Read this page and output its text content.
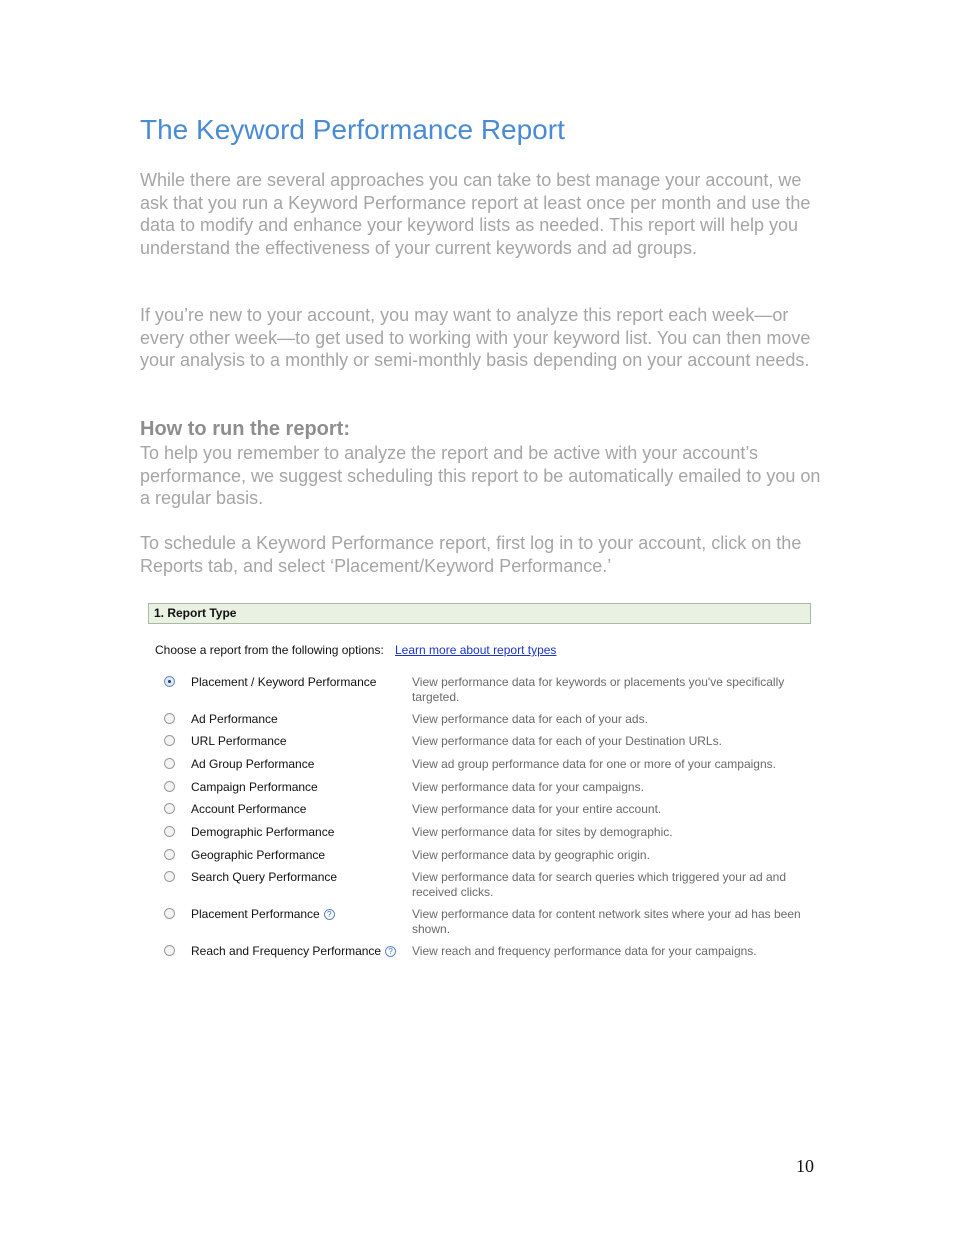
The Keyword Performance Report

While there are several approaches you can take to best manage your account, we ask that you run a Keyword Performance report at least once per month and use the data to modify and enhance your keyword lists as needed. This report will help you understand the effectiveness of your current keywords and ad groups.

If you’re new to your account, you may want to analyze this report each week—or every other week—to get used to working with your keyword list. You can then move your analysis to a monthly or semi-monthly basis depending on your account needs.

How to run the report:

To help you remember to analyze the report and be active with your account’s performance, we suggest scheduling this report to be automatically emailed to you on a regular basis.

To schedule a Keyword Performance report, first log in to your account, click on the Reports tab, and select ‘Placement/Keyword Performance.’

1. Report Type
Choose a report from the following options: Learn more about report types
Placement / Keyword Performance	View performance data for keywords or placements you've specifically targeted.
Ad Performance	View performance data for each of your ads.
URL Performance	View performance data for each of your Destination URLs.
Ad Group Performance	View ad group performance data for one or more of your campaigns.
Campaign Performance	View performance data for your campaigns.
Account Performance	View performance data for your entire account.
Demographic Performance	View performance data for sites by demographic.
Geographic Performance	View performance data by geographic origin.
Search Query Performance	View performance data for search queries which triggered your ad and received clicks.
Placement Performance ?	View performance data for content network sites where your ad has been shown.
Reach and Frequency Performance ? View reach and frequency performance data for your campaigns.
10
